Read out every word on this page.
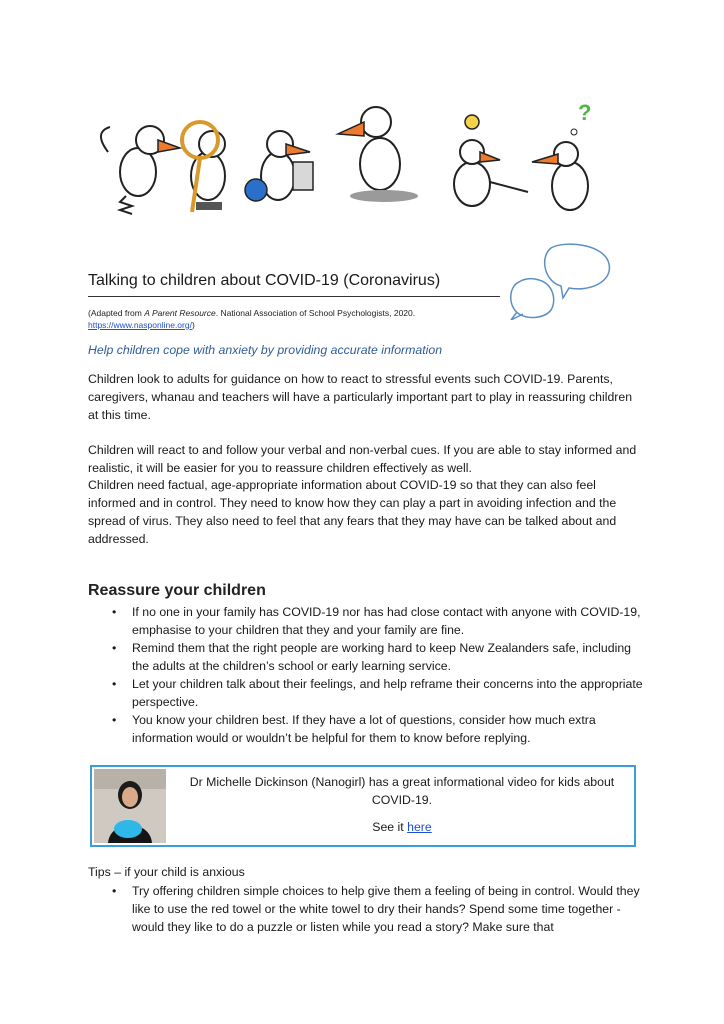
?
Talking to children about COVID-19 (Coronavirus)
(Adapted from A Parent Resource. National Association of School Psychologists, 2020.
https://www.nasponline.org/)
Help children cope with anxiety by providing accurate information
Children look to adults for guidance on how to react to stressful events such COVID-19. Parents, caregivers, whanau and teachers will have a particularly important part to play in reassuring children at this time.
Children will react to and follow your verbal and non-verbal cues. If you are able to stay informed and realistic, it will be easier for you to reassure children effectively as well.
Children need factual, age-appropriate information about COVID-19 so that they can also feel informed and in control. They need to know how they can play a part in avoiding infection and the spread of virus. They also need to feel that any fears that they may have can be talked about and addressed.
Reassure your children
• If no one in your family has COVID-19 nor has had close contact with anyone with COVID-19, emphasise to your children that they and your family are fine.
• Remind them that the right people are working hard to keep New Zealanders safe, including the adults at the children’s school or early learning service.
• Let your children talk about their feelings, and help reframe their concerns into the appropriate perspective.
• You know your children best. If they have a lot of questions, consider how much extra information would or wouldn’t be helpful for them to know before replying.
Dr Michelle Dickinson (Nanogirl) has a great informational video for kids about COVID-19.
See it here
Tips – if your child is anxious
• Try offering children simple choices to help give them a feeling of being in control. Would they like to use the red towel or the white towel to dry their hands? Spend some time together - would they like to do a puzzle or listen while you read a story? Make sure that
